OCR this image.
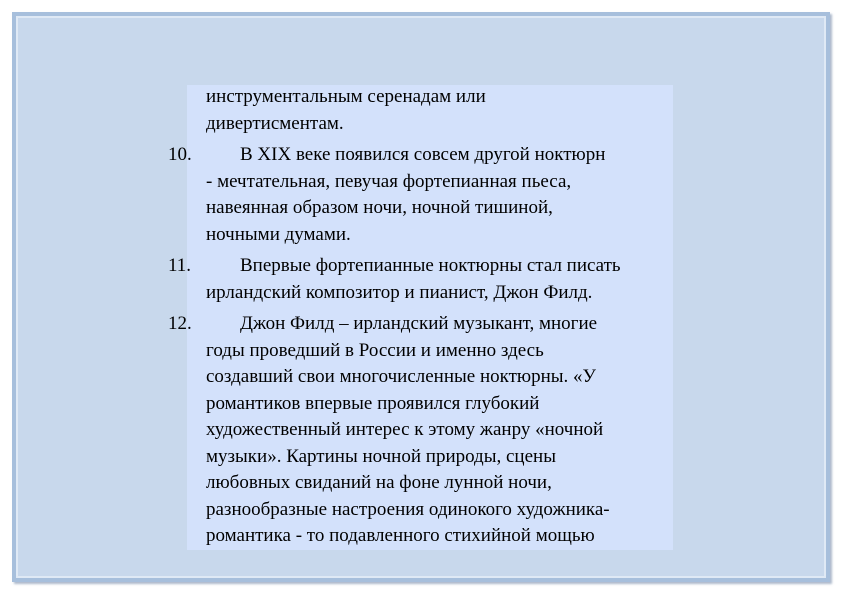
инструментальным серенадам или
дивертисментам.
10.	В XIX веке появился совсем другой ноктюрн
- мечтательная, певучая фортепианная пьеса,
навеянная образом ночи, ночной тишиной,
ночными думами.
11.	Впервые фортепианные ноктюрны стал писать
ирландский композитор и пианист, Джон Филд.
12.	Джон Филд – ирландский музыкант, многие
годы проведший в России и именно здесь
создавший свои многочисленные ноктюрны. «У
романтиков впервые проявился глубокий
художественный интерес к этому жанру «ночной
музыки». Картины ночной природы, сцены
любовных свиданий на фоне лунной ночи,
разнообразные настроения одинокого художника-
романтика - то подавленного стихийной мощью
